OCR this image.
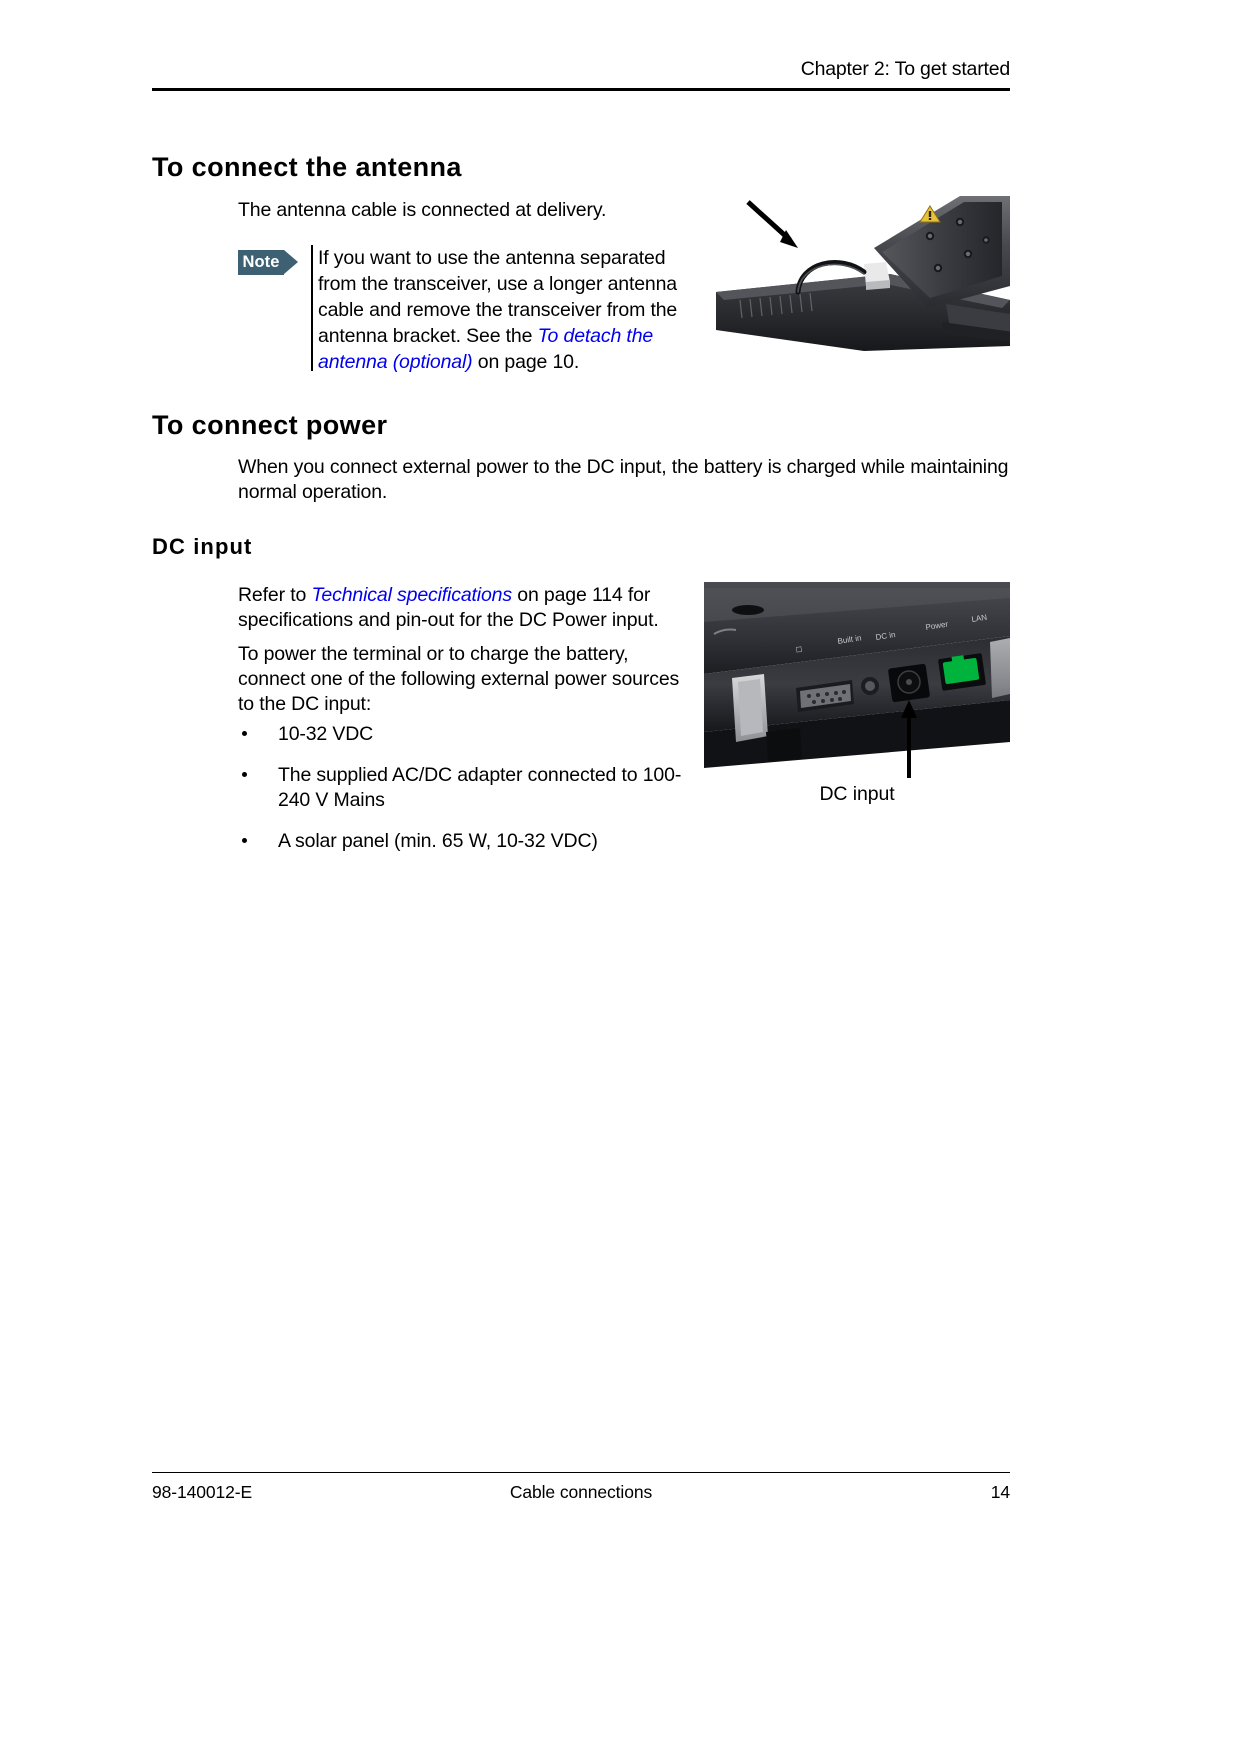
Chapter 2: To get started
To connect the antenna
The antenna cable is connected at delivery.
Note If you want to use the antenna separated from the transceiver, use a longer antenna cable and remove the transceiver from the antenna bracket. See the To detach the antenna (optional) on page 10.
To connect power
When you connect external power to the DC input, the battery is charged while maintaining normal operation.
DC input
Refer to Technical specifications on page 114 for specifications and pin-out for the DC Power input.
To power the terminal or to charge the battery, connect one of the following external power sources to the DC input:
10-32 VDC
The supplied AC/DC adapter connected to 100-240 V Mains
A solar panel (min. 65 W, 10-32 VDC)
◻
Built in DC in
Power
LAN
DC input
98-140012-E	Cable connections	14
